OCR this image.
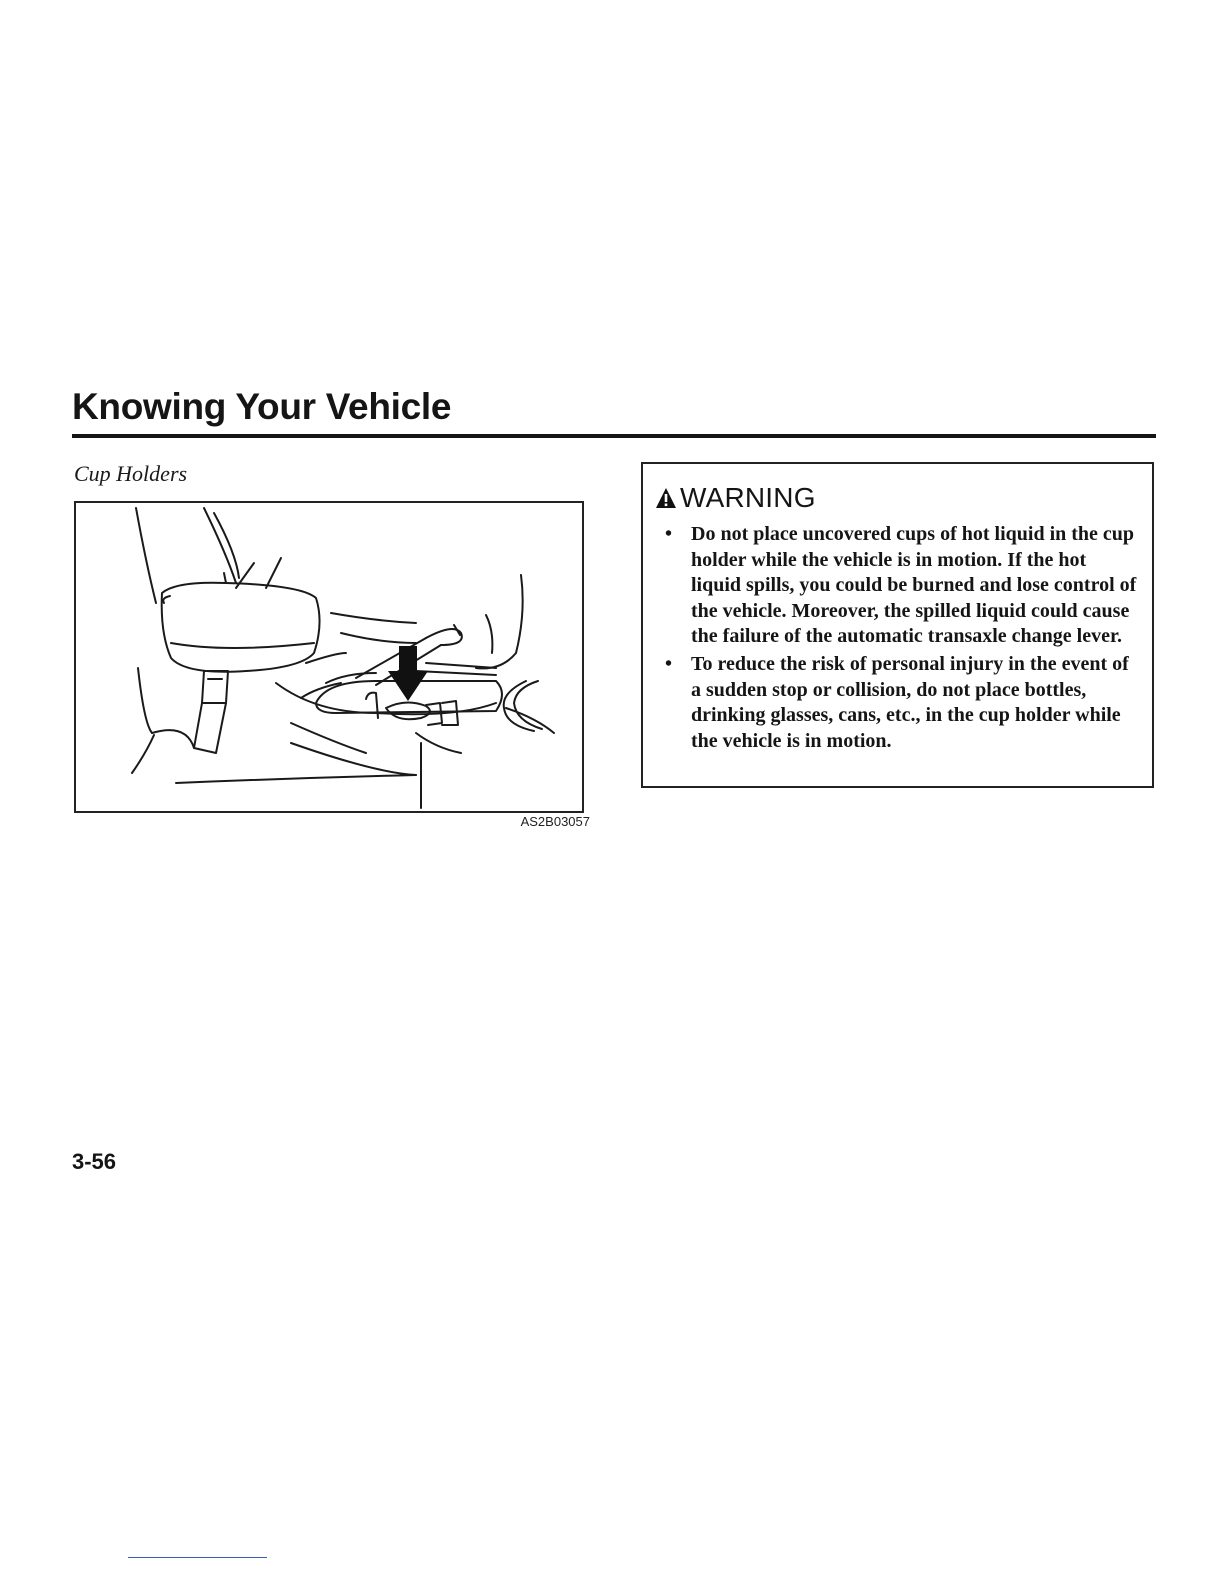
Knowing Your Vehicle
Cup Holders
AS2B03057
WARNING
• Do not place uncovered cups of hot liquid in the cup holder while the vehicle is in motion. If the hot liquid spills, you could be burned and lose control of the vehicle. Moreover, the spilled liquid could cause the failure of the automatic transaxle change lever.
• To reduce the risk of personal injury in the event of a sudden stop or collision, do not place bottles, drinking glasses, cans, etc., in the cup holder while the vehicle is in motion.
3-56
